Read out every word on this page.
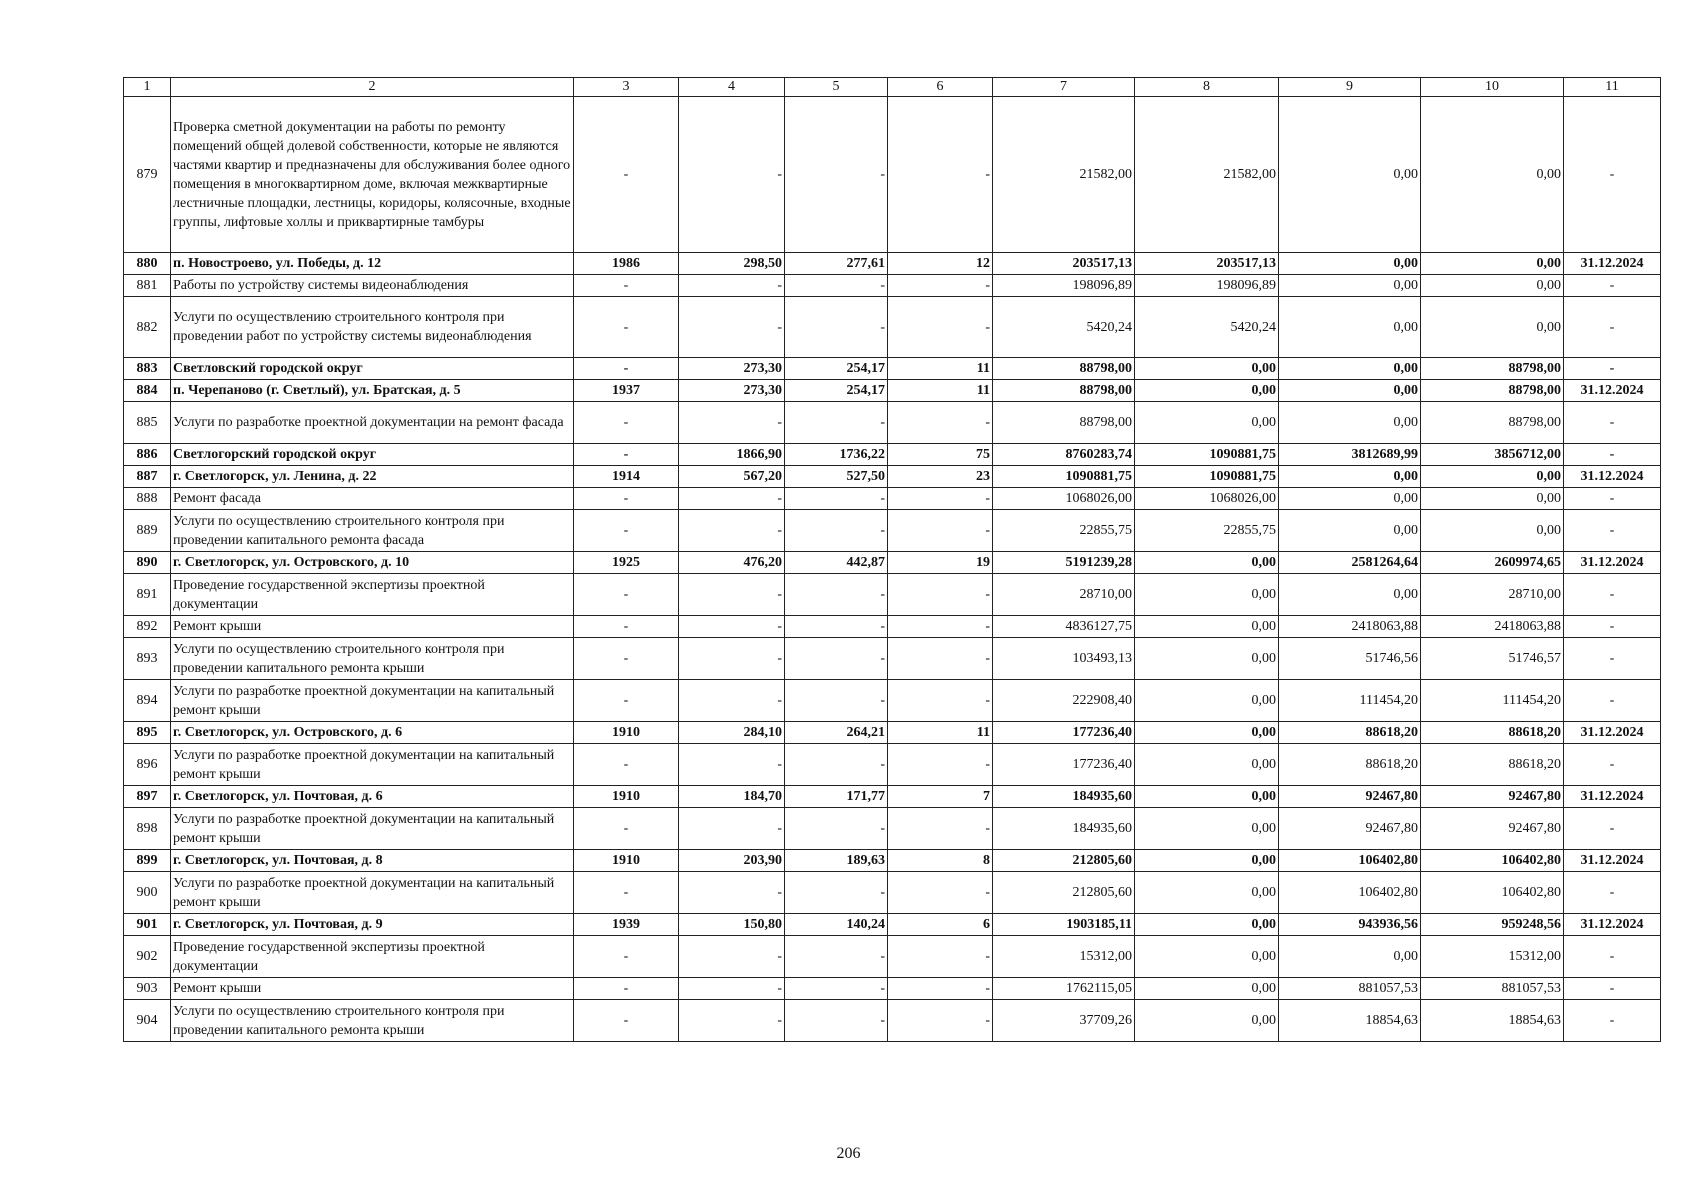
1	2	3	4	5	6	7	8	9	10	11
879	Проверка сметной документации на работы по ремонту помещений общей долевой собственности, которые не являются частями квартир и предназначены для обслуживания более одного помещения в многоквартирном доме, включая межквартирные лестничные площадки, лестницы, коридоры, колясочные, входные группы, лифтовые холлы и приквартирные тамбуры	-	-	-	-	21582,00	21582,00	0,00	0,00	-
880	п. Новостроево, ул. Победы, д. 12	1986	298,50	277,61	12	203517,13	203517,13	0,00	0,00	31.12.2024
881	Работы по устройству системы видеонаблюдения	-	-	-	-	198096,89	198096,89	0,00	0,00	-
882	Услуги по осуществлению строительного контроля при проведении работ по устройству системы видеонаблюдения	-	-	-	-	5420,24	5420,24	0,00	0,00	-
883	Светловский городской округ	-	273,30	254,17	11	88798,00	0,00	0,00	88798,00	-
884	п. Черепаново (г. Светлый), ул. Братская, д. 5	1937	273,30	254,17	11	88798,00	0,00	0,00	88798,00	31.12.2024
885	Услуги по разработке проектной документации на ремонт фасада	-	-	-	-	88798,00	0,00	0,00	88798,00	-
886	Светлогорский городской округ	-	1866,90	1736,22	75	8760283,74	1090881,75	3812689,99	3856712,00	-
887	г. Светлогорск, ул. Ленина, д. 22	1914	567,20	527,50	23	1090881,75	1090881,75	0,00	0,00	31.12.2024
888	Ремонт фасада	-	-	-	-	1068026,00	1068026,00	0,00	0,00	-
889	Услуги по осуществлению строительного контроля при проведении капитального ремонта фасада	-	-	-	-	22855,75	22855,75	0,00	0,00	-
890	г. Светлогорск, ул. Островского, д. 10	1925	476,20	442,87	19	5191239,28	0,00	2581264,64	2609974,65	31.12.2024
891	Проведение государственной экспертизы проектной документации	-	-	-	-	28710,00	0,00	0,00	28710,00	-
892	Ремонт крыши	-	-	-	-	4836127,75	0,00	2418063,88	2418063,88	-
893	Услуги по осуществлению строительного контроля при проведении капитального ремонта крыши	-	-	-	-	103493,13	0,00	51746,56	51746,57	-
894	Услуги по разработке проектной документации на капитальный ремонт крыши	-	-	-	-	222908,40	0,00	111454,20	111454,20	-
895	г. Светлогорск, ул. Островского, д. 6	1910	284,10	264,21	11	177236,40	0,00	88618,20	88618,20	31.12.2024
896	Услуги по разработке проектной документации на капитальный ремонт крыши	-	-	-	-	177236,40	0,00	88618,20	88618,20	-
897	г. Светлогорск, ул. Почтовая, д. 6	1910	184,70	171,77	7	184935,60	0,00	92467,80	92467,80	31.12.2024
898	Услуги по разработке проектной документации на капитальный ремонт крыши	-	-	-	-	184935,60	0,00	92467,80	92467,80	-
899	г. Светлогорск, ул. Почтовая, д. 8	1910	203,90	189,63	8	212805,60	0,00	106402,80	106402,80	31.12.2024
900	Услуги по разработке проектной документации на капитальный ремонт крыши	-	-	-	-	212805,60	0,00	106402,80	106402,80	-
901	г. Светлогорск, ул. Почтовая, д. 9	1939	150,80	140,24	6	1903185,11	0,00	943936,56	959248,56	31.12.2024
902	Проведение государственной экспертизы проектной документации	-	-	-	-	15312,00	0,00	0,00	15312,00	-
903	Ремонт крыши	-	-	-	-	1762115,05	0,00	881057,53	881057,53	-
904	Услуги по осуществлению строительного контроля при проведении капитального ремонта крыши	-	-	-	-	37709,26	0,00	18854,63	18854,63	-
206
